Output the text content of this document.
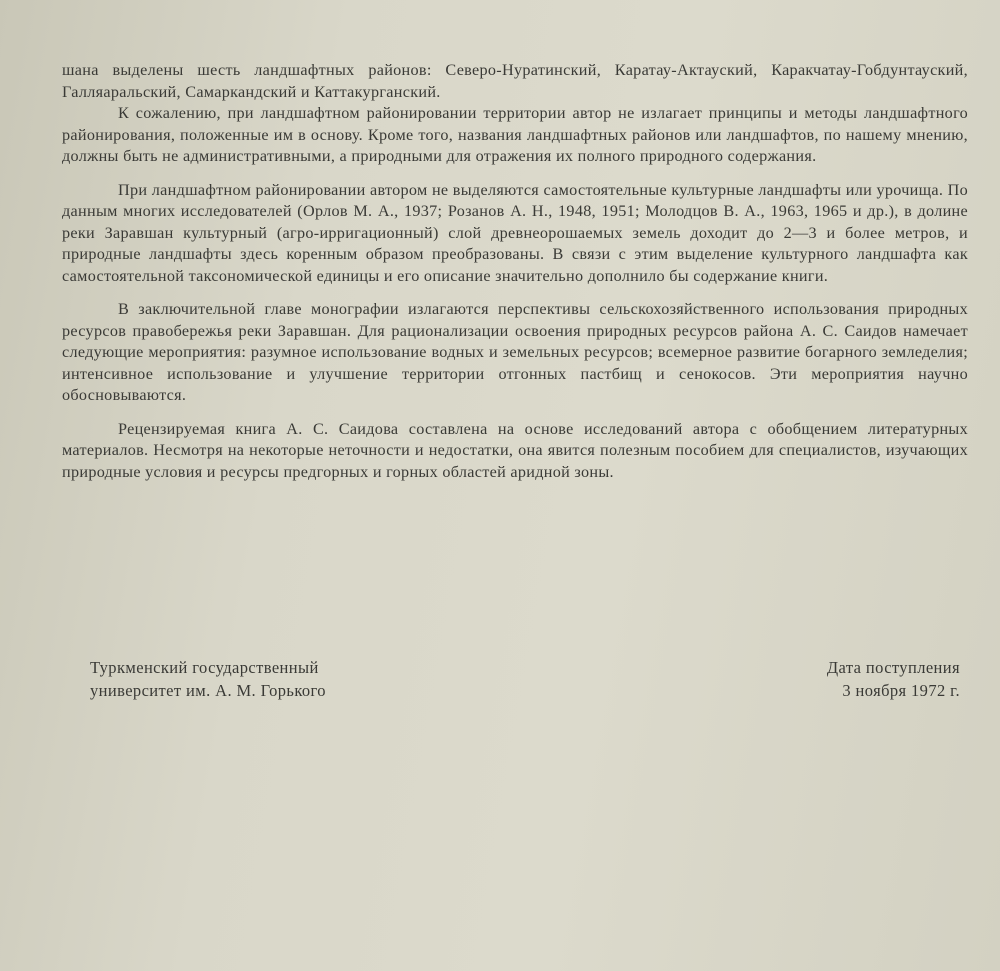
шана выделены шесть ландшафтных районов: Северо-Нуратинский, Каратау-Актауский, Каракчатау-Гобдунтауский, Галляаральский, Самаркандский и Каттакурганский.

К сожалению, при ландшафтном районировании территории автор не излагает принципы и методы ландшафтного районирования, положенные им в основу. Кроме того, названия ландшафтных районов или ландшафтов, по нашему мнению, должны быть не административными, а природными для отражения их полного природного содержания.

При ландшафтном районировании автором не выделяются самостоятельные культурные ландшафты или урочища. По данным многих исследователей (Орлов М. А., 1937; Розанов А. Н., 1948, 1951; Молодцов В. А., 1963, 1965 и др.), в долине реки Заравшан культурный (агро-ирригационный) слой древнеорошаемых земель доходит до 2—3 и более метров, и природные ландшафты здесь коренным образом преобразованы. В связи с этим выделение культурного ландшафта как самостоятельной таксономической единицы и его описание значительно дополнило бы содержание книги.

В заключительной главе монографии излагаются перспективы сельскохозяйственного использования природных ресурсов правобережья реки Заравшан. Для рационализации освоения природных ресурсов района А. С. Саидов намечает следующие мероприятия: разумное использование водных и земельных ресурсов; всемерное развитие богарного земледелия; интенсивное использование и улучшение территории отгонных пастбищ и сенокосов. Эти мероприятия научно обосновываются.

Рецензируемая книга А. С. Саидова составлена на основе исследований автора с обобщением литературных материалов. Несмотря на некоторые неточности и недостатки, она явится полезным пособием для специалистов, изучающих природные условия и ресурсы предгорных и горных областей аридной зоны.

Туркменский государственный
университет им. А. М. Горького
Дата поступления
3 ноября 1972 г.
